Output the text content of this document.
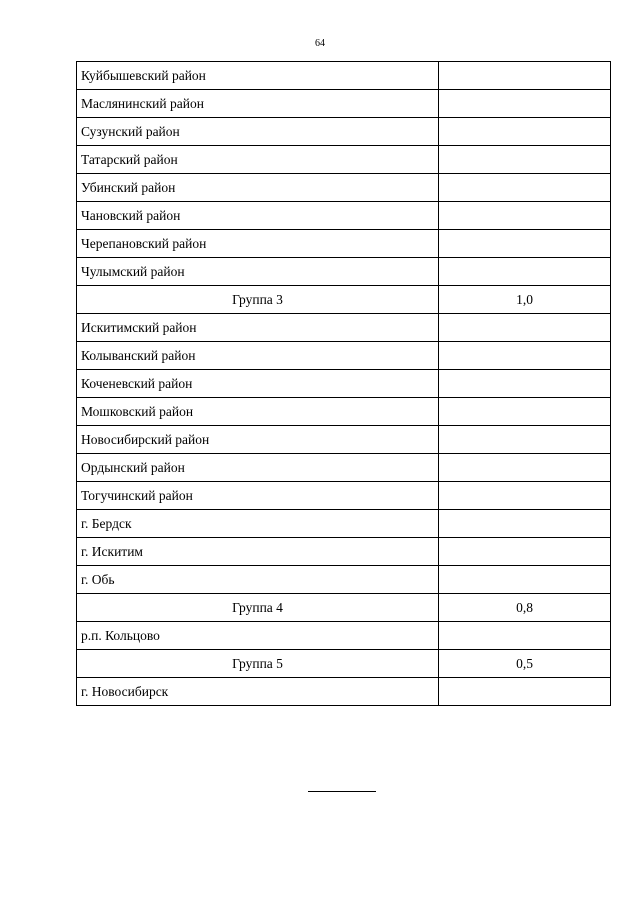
64
Куйбышевский район	
Маслянинский район	
Сузунский район	
Татарский район	
Убинский район	
Чановский район	
Черепановский район	
Чулымский район	
Группа 3	1,0
Искитимский район	
Колыванский район	
Коченевский район	
Мошковский район	
Новосибирский район	
Ордынский район	
Тогучинский район	
г. Бердск	
г. Искитим	
г. Обь	
Группа 4	0,8
р.п. Кольцово	
Группа 5	0,5
г. Новосибирск	
